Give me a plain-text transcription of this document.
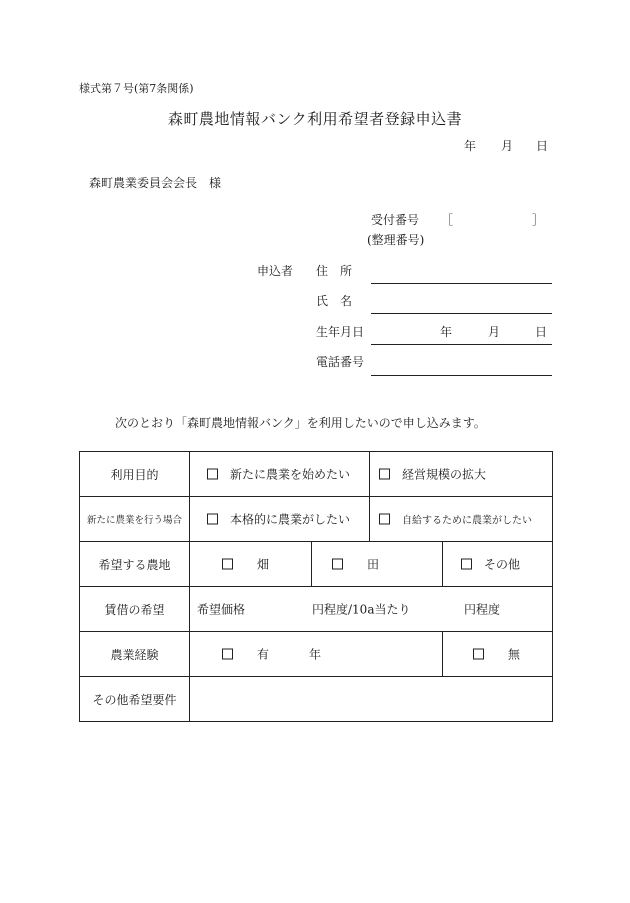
様式第７号(第7条関係)
森町農地情報バンク利用希望者登録申込書
年 月 日
森町農業委員会会長　様
受付番号 ［	］
(整理番号)
申込者 住　所
氏　名
生年月日	年	月	日
電話番号
次のとおり「森町農地情報バンク」を利用したいので申し込みます。
利用目的	
　新たに農業を始めたい
　 経営規模の拡大

新たに農業を行う場合	
　本格的に農業がしたい
　 自給するために農業がしたい

希望する農地	
　　畑
　　 田
　 その他

賃借の希望	希望価格 円程度/10a当たり 円程度

農業経験	
　　有 年
　　 無

その他希望要件	
